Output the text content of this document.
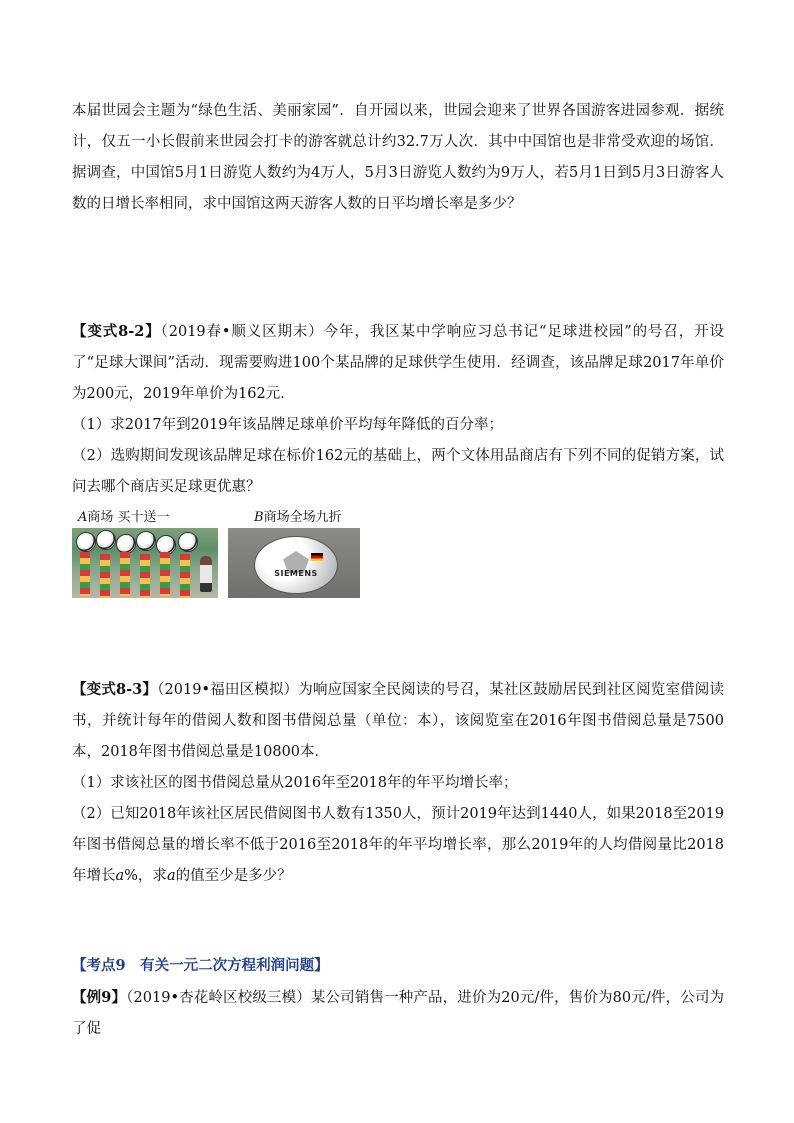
本届世园会主题为“绿色生活、美丽家园”．自开园以来，世园会迎来了世界各国游客进园参观．据统计，仅五一小长假前来世园会打卡的游客就总计约32.7万人次．其中中国馆也是非常受欢迎的场馆．据调查，中国馆5月1日游览人数约为4万人，5月3日游览人数约为9万人，若5月1日到5月3日游客人数的日增长率相同，求中国馆这两天游客人数的日平均增长率是多少？

【变式8-2】（2019春•顺义区期末）今年，我区某中学响应习总书记“足球进校园”的号召，开设了“足球大课间”活动．现需要购进100个某品牌的足球供学生使用．经调查，该品牌足球2017年单价为200元，2019年单价为162元．

（1）求2017年到2019年该品牌足球单价平均每年降低的百分率；

（2）选购期间发现该品牌足球在标价162元的基础上，两个文体用品商店有下列不同的促销方案，试问去哪个商店买足球更优惠？

A商场 买十送一	B商场全场九折
SIEMENS

【变式8-3】（2019•福田区模拟）为响应国家全民阅读的号召，某社区鼓励居民到社区阅览室借阅读书，并统计每年的借阅人数和图书借阅总量（单位：本），该阅览室在2016年图书借阅总量是7500本，2018年图书借阅总量是10800本．

（1）求该社区的图书借阅总量从2016年至2018年的年平均增长率；

（2）已知2018年该社区居民借阅图书人数有1350人，预计2019年达到1440人，如果2018至2019年图书借阅总量的增长率不低于2016至2018年的年平均增长率，那么2019年的人均借阅量比2018年增长a%，求a的值至少是多少？

【考点9　有关一元二次方程利润问题】

【例9】（2019•杏花岭区校级三模）某公司销售一种产品，进价为20元/件，售价为80元/件，公司为了促
